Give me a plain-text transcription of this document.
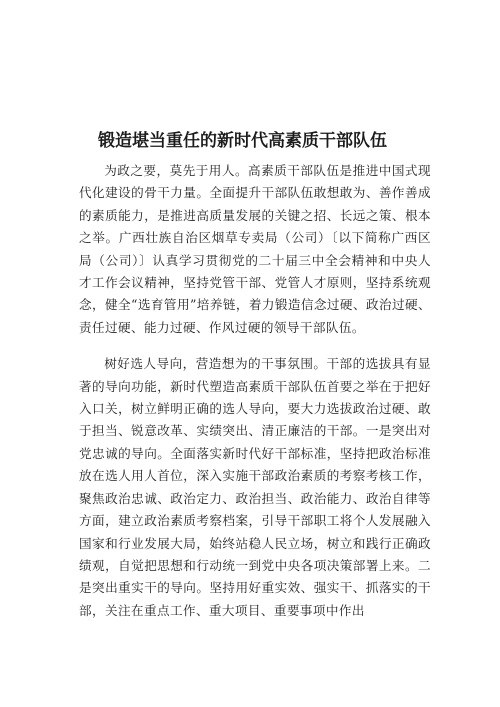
锻造堪当重任的新时代高素质干部队伍

为政之要，莫先于用人。高素质干部队伍是推进中国式现代化建设的骨干力量。全面提升干部队伍敢想敢为、善作善成的素质能力，是推进高质量发展的关键之招、长远之策、根本之举。广西壮族自治区烟草专卖局（公司）〔以下简称广西区局（公司）〕认真学习贯彻党的二十届三中全会精神和中央人才工作会议精神，坚持党管干部、党管人才原则，坚持系统观念，健全“选育管用”培养链，着力锻造信念过硬、政治过硬、责任过硬、能力过硬、作风过硬的领导干部队伍。

树好选人导向，营造想为的干事氛围。干部的选拔具有显著的导向功能，新时代塑造高素质干部队伍首要之举在于把好入口关，树立鲜明正确的选人导向，要大力选拔政治过硬、敢于担当、锐意改革、实绩突出、清正廉洁的干部。一是突出对党忠诚的导向。全面落实新时代好干部标准，坚持把政治标准放在选人用人首位，深入实施干部政治素质的考察考核工作，聚焦政治忠诚、政治定力、政治担当、政治能力、政治自律等方面，建立政治素质考察档案，引导干部职工将个人发展融入国家和行业发展大局，始终站稳人民立场，树立和践行正确政绩观，自觉把思想和行动统一到党中央各项决策部署上来。二是突出重实干的导向。坚持用好重实效、强实干、抓落实的干部，关注在重点工作、重大项目、重要事项中作出
